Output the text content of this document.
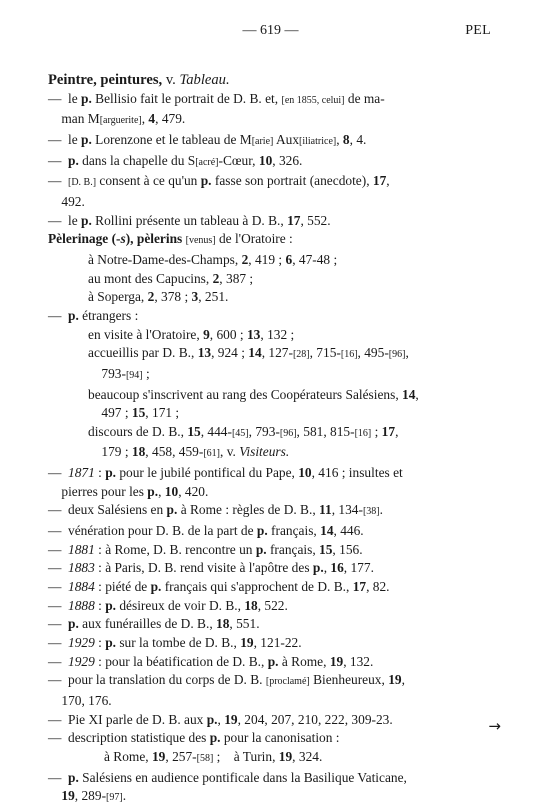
— 619 —	PEL
Peintre, peintures, v. Tableau.
— le p. Bellisio fait le portrait de D. B. et, [en 1855, celui] de ma-
man M[arguerite], 4, 479.
— le p. Lorenzone et le tableau de M[arie] Aux[iliatrice], 8, 4.
— p. dans la chapelle du S[acré]-Cœur, 10, 326.
— [D. B.] consent à ce qu'un p. fasse son portrait (anecdote), 17,
492.
— le p. Rollini présente un tableau à D. B., 17, 552.
Pèlerinage (-s), pèlerins [venus] de l'Oratoire :
à Notre-Dame-des-Champs, 2, 419 ; 6, 47-48 ;
au mont des Capucins, 2, 387 ;
à Soperga, 2, 378 ; 3, 251.
— p. étrangers :
en visite à l'Oratoire, 9, 600 ; 13, 132 ;
accueillis par D. B., 13, 924 ; 14, 127-[28], 715-[16], 495-[96],
793-[94] ;
beaucoup s'inscrivent au rang des Coopérateurs Salésiens, 14,
497 ; 15, 171 ;
discours de D. B., 15, 444-[45], 793-[96], 581, 815-[16] ; 17,
179 ; 18, 458, 459-[61], v. Visiteurs.
— 1871 : p. pour le jubilé pontifical du Pape, 10, 416 ; insultes et
pierres pour les p., 10, 420.
— deux Salésiens en p. à Rome : règles de D. B., 11, 134-[38].
— vénération pour D. B. de la part de p. français, 14, 446.
— 1881 : à Rome, D. B. rencontre un p. français, 15, 156.
— 1883 : à Paris, D. B. rend visite à l'apôtre des p., 16, 177.
— 1884 : piété de p. français qui s'approchent de D. B., 17, 82.
— 1888 : p. désireux de voir D. B., 18, 522.
— p. aux funérailles de D. B., 18, 551.
— 1929 : p. sur la tombe de D. B., 19, 121-22.
— 1929 : pour la béatification de D. B., p. à Rome, 19, 132.
— pour la translation du corps de D. B. [proclamé] Bienheureux, 19,
170, 176.
— Pie XI parle de D. B. aux p., 19, 204, 207, 210, 222, 309-23.
— description statistique des p. pour la canonisation :
à Rome, 19, 257-[58] ;    à Turin, 19, 324.
— p. Salésiens en audience pontificale dans la Basilique Vaticane,
19, 289-[97].
→
